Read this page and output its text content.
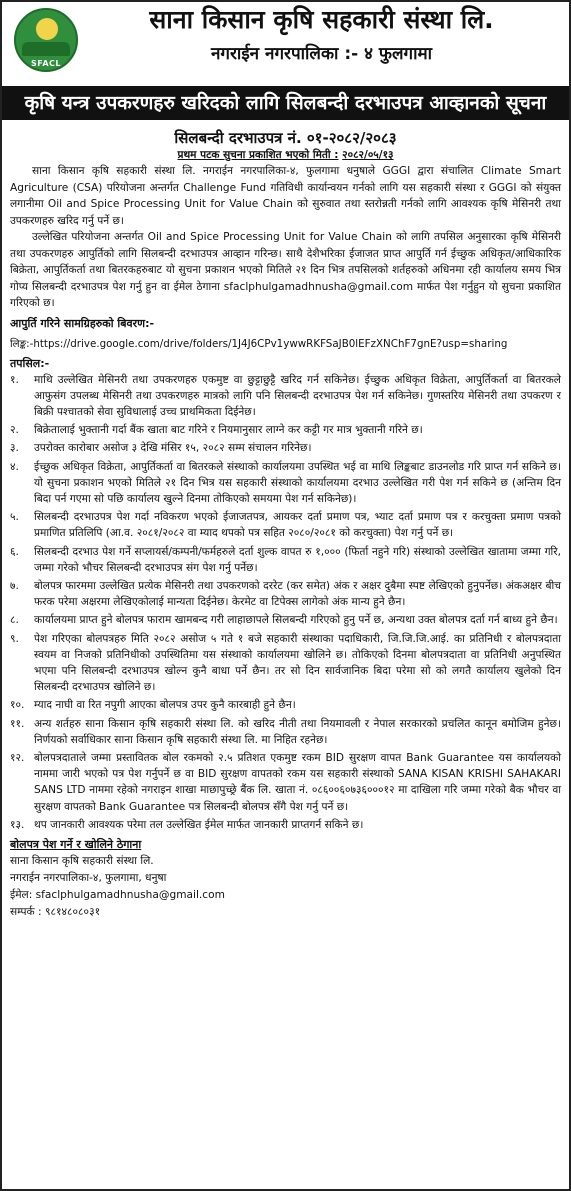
SFACL
साना किसान कृषि सहकारी संस्था लि.
नगराईन नगरपालिका :- ४ फुलगामा
कृषि यन्त्र उपकरणहरु खरिदको लागि सिलबन्दी दरभाउपत्र आव्हानको सूचना
सिलबन्दी दरभाउपत्र नं. ०१-२०८२/२०८३
प्रथम पटक सुचना प्रकाशित भएको मिती : २०८२/०५/१३

साना किसान कृषि सहकारी संस्था लि. नगराईन नगरपालिका-४, फुलगामा धनुषाले GGGI द्वारा संचालित Climate Smart Agriculture (CSA) परियोजना अन्तर्गत Challenge Fund गतिविधी कार्यान्वयन गर्नको लागि यस सहकारी संस्था र GGGI को संयुक्त लगानीमा Oil and Spice Processing Unit for Value Chain को सुरुवात तथा स्तरोन्नती गर्नको लागि आवश्यक कृषि मेसिनरी तथा उपकरणहरु खरिद गर्नु पर्ने छ।

उल्लेखित परियोजना अन्तर्गत Oil and Spice Processing Unit for Value Chain को लागि तपसिल अनुसारका कृषि मेसिनरी तथा उपकरणहरु आपुर्तिको लागि सिलबन्दी दरभाउपत्र आव्हान गरिन्छ। साथै देशैभरिका ईजाजत प्राप्त आपुर्ति गर्न ईच्छुक अधिकृत/आधिकारिक बिक्रेता, आपुर्तिकर्ता तथा बितरकहरुबाट यो सुचना प्रकाशन भएको मितिले २१ दिन भित्र तपसिलको शर्तहरुको अधिनमा रही कार्यालय समय भित्र गोप्य सिलबन्दी दरभाउपत्र पेश गर्नु हुन वा ईमेल ठेगाना sfaclphulgamadhnusha@gmail.com मार्फत पेश गर्नुहुन यो सुचना प्रकाशित गरिएको छ।

आपुर्ति गरिने सामग्रिहरुको बिवरण:-
लिङ्क:-https://drive.google.com/drive/folders/1J4J6CPv1ywwRKFSaJB0lEFzXNChF7gnE?usp=sharing
तपसिल:-
१. माथि उल्लेखित मेसिनरी तथा उपकरणहरु एकमुष्ट वा छुट्टाछुट्टै खरिद गर्न सकिनेछ। ईच्छुक अधिकृत विक्रेता, आपुर्तिकर्ता वा बितरकले आफुसंग उपलब्ध मेसिनरी तथा उपकरणहरु मात्रको लागि पनि सिलबन्दी दरभाउपत्र पेश गर्न सकिनेछ। गुणस्तरिय मेसिनरी तथा उपकरण र बिक्री पश्चातको सेवा सुविधालाई उच्च प्राथमिकता दिईनेछ।
२. बिक्रेतालाई भुक्तानी गर्दा बैंक खाता बाट गरिने र नियमानुसार लाग्ने कर कट्टी गर मात्र भुक्तानी गरिने छ।
३. उपरोक्त कारोबार असोज ३ देखि मंसिर १५, २०८२ सम्म संचालन गरिनेछ।
४. ईच्छुक अधिकृत विक्रेता, आपुर्तिकर्ता वा बितरकले संस्थाको कार्यालयमा उपस्थित भई वा माथि लिङ्कबाट डाउनलोड गरि प्राप्त गर्न सकिने छ। यो सुचना प्रकाशन भएको मितिले २१ दिन भित्र यस सहकारी संस्थाको कार्यालयमा दरभाउ उल्लेखित गरी पेश गर्न सकिने छ (अन्तिम दिन बिदा पर्न गएमा सो पछि कार्यालय खुल्ने दिनमा तोकिएको समयमा पेश गर्न सकिनेछ)।
५. सिलबन्दी दरभाउपत्र पेश गर्दा नविकरण भएको ईजाजतपत्र, आयकर दर्ता प्रमाण पत्र, भ्याट दर्ता प्रमाण पत्र र करचुक्ता प्रमाण पत्रको प्रमाणित प्रतिलिपि (आ.व. २०८१/२०८२ वा म्याद थपको पत्र सहित २०८०/२०८१ को करचुक्ता) पेश गर्नु पर्ने छ।
६. सिलबन्दी दरभाउ पेश गर्ने सप्लायर्स/कम्पनी/फर्महरुले दर्ता शुल्क वापत रु १,००० (फिर्ता नहुने गरि) संस्थाको उल्लेखित खातामा जम्मा गरि, जम्मा गरेको भौचर सिलबन्दी दरभाउपत्र संग पेश गर्नु पर्नेछ।
७. बोलपत्र फारममा उल्लेखित प्रत्येक मेसिनरी तथा उपकरणको दररेट (कर समेत) अंक र अक्षर दुबैमा स्पष्ट लेखिएको हुनुपर्नेछ। अंकअक्षर बीच फरक परेमा अक्षरमा लेखिएकोलाई मान्यता दिईनेछ। केरमेट वा टिपेक्स लागेको अंक मान्य हुने छैन।
८. कार्यालयमा प्राप्त हुने बोलपत्र फाराम खामबन्द गरी लाहाछापले सिलबन्दी गरिएको हुनु पर्ने छ, अन्यथा उक्त बोलपत्र दर्ता गर्न बाध्य हुने छैन।
९. पेश गरिएका बोलपत्रहरु मिति २०८२ असोज ५ गते १ बजे सहकारी संस्थाका पदाधिकारी, जि.जि.जि.आई. का प्रतिनिधी र बोलपत्रदाता स्वयम वा निजको प्रतिनिधीको उपस्थितिमा यस संस्थाको कार्यालयमा खोलिने छ। तोकिएको दिनमा बोलपत्रदाता वा प्रतिनिधी अनुपस्थित भएमा पनि सिलबन्दी दरभाउपत्र खोल्न कुनै बाधा पर्ने छैन। तर सो दिन सार्वजानिक बिदा परेमा सो को लगतै कार्यालय खुलेको दिन सिलबन्दी दरभाउपत्र खोलिने छ।
१०. म्याद नाघी वा रित नपुगी आएका बोलपत्र उपर कुनै कारबाही हुने छैन।
११. अन्य शर्तहरु साना किसान कृषि सहकारी संस्था लि. को खरिद नीती तथा नियमावली र नेपाल सरकारको प्रचलित कानून बमोजिम हुनेछ। निर्णयको सर्वाधिकार साना किसान कृषि सहकारी संस्था लि. मा निहित रहनेछ।
१२. बोलपत्रदाताले जम्मा प्रस्तावितक बोल रकमको २.५ प्रतिशत एकमुष्ट रकम BID सुरक्षण वापत Bank Guarantee यस कार्यालयको नाममा जारी भएको पत्र पेश गर्नुपर्ने छ वा BID सुरक्षण वापतको रकम यस सहकारी संस्थाको SANA KISAN KRISHI SAHAKARI SANS LTD नाममा रहेको नगराइन शाखा माछापुच्छ्रे बैंक लि. खाता नं. ०८६००६०७३६०००१२ मा दाखिला गरि जम्मा गरेको बैक भौचर वा सुरक्षण वापतको Bank Guarantee पत्र सिलबन्दी बोलपत्र सँगै पेश गर्नु पर्ने छ।
१३. थप जानकारी आवश्यक परेमा तल उल्लेखित ईमेल मार्फत जानकारी प्राप्तगर्न सकिने छ।
बोलपत्र पेश गर्ने र खोलिने ठेगाना
साना किसान कृषि सहकारी संस्था लि.
नगराईन नगरपालिका-४, फुलगामा, धनुषा
ईमेल: sfaclphulgamadhnusha@gmail.com
सम्पर्क : ९८१४८०८०३१
